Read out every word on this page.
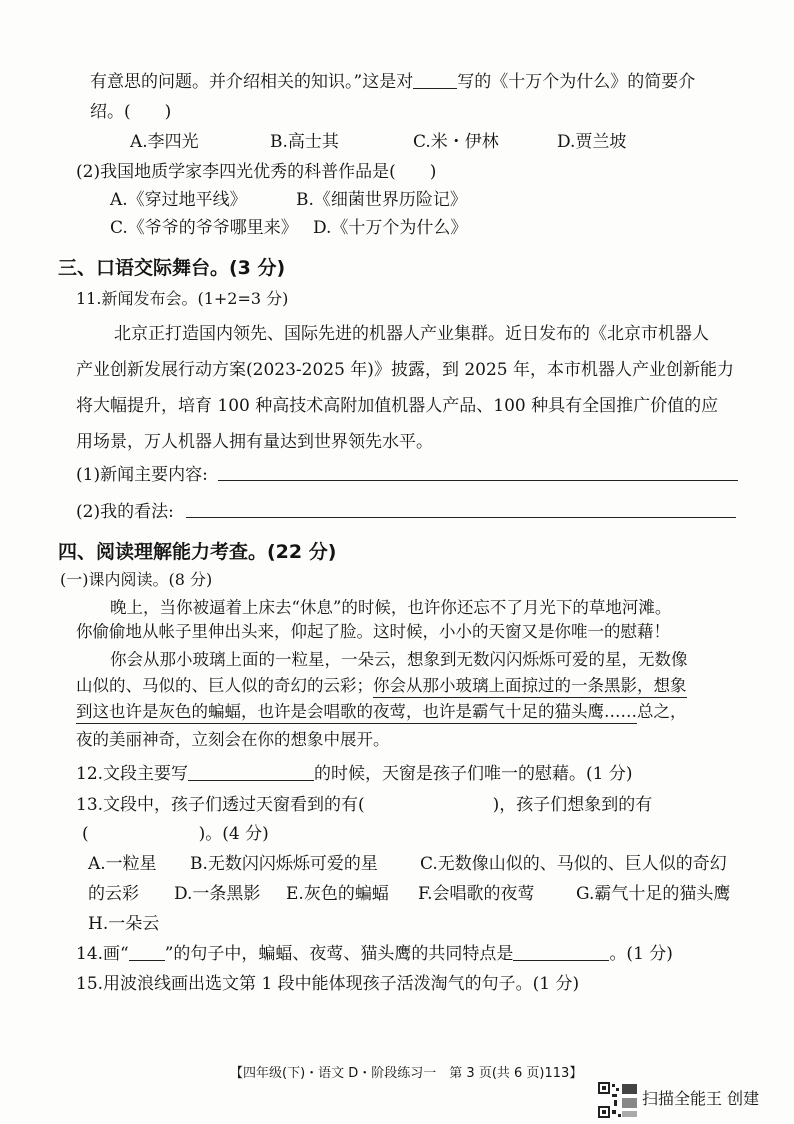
有意思的问题。并介绍相关的知识。”这是对	写的《十万个为什么》的简要介
绍。(　　)
A.李四光	B.高士其	C.米・伊林	D.贾兰坡
(2)我国地质学家李四光优秀的科普作品是(　　)
A.《穿过地平线》	B.《细菌世界历险记》
C.《爷爷的爷爷哪里来》 D.《十万个为什么》
三、口语交际舞台。(3 分)
11.新闻发布会。(1+2=3 分)
北京正打造国内领先、国际先进的机器人产业集群。近日发布的《北京市机器人
产业创新发展行动方案(2023-2025 年)》披露，到 2025 年，本市机器人产业创新能力
将大幅提升，培育 100 种高技术高附加值机器人产品、100 种具有全国推广价值的应
用场景，万人机器人拥有量达到世界领先水平。
(1)新闻主要内容:
(2)我的看法:
四、阅读理解能力考查。(22 分)
(一)课内阅读。(8 分)
晚上，当你被逼着上床去“休息”的时候，也许你还忘不了月光下的草地河滩。
你偷偷地从帐子里伸出头来，仰起了脸。这时候，小小的天窗又是你唯一的慰藉！
你会从那小玻璃上面的一粒星，一朵云，想象到无数闪闪烁烁可爱的星，无数像
山似的、马似的、巨人似的奇幻的云彩；你会从那小玻璃上面掠过的一条黑影，想象
到这也许是灰色的蝙蝠，也许是会唱歌的夜莺，也许是霸气十足的猫头鹰……总之，
夜的美丽神奇，立刻会在你的想象中展开。
12.文段主要写	的时候，天窗是孩子们唯一的慰藉。(1 分)
13.文段中，孩子们透过天窗看到的有(	)，孩子们想象到的有
(	)。(4 分)
A.一粒星 B.无数闪闪烁烁可爱的星 C.无数像山似的、马似的、巨人似的奇幻
的云彩 D.一条黑影 E.灰色的蝙蝠 F.会唱歌的夜莺 G.霸气十足的猫头鹰
H.一朵云
14.画“ ”的句子中，蝙蝠、夜莺、猫头鹰的共同特点是	。(1 分)
15.用波浪线画出选文第 1 段中能体现孩子活泼淘气的句子。(1 分)
【四年级(下)・语文 D・阶段练习一　第 3 页(共 6 页)113】
扫描全能王 创建
